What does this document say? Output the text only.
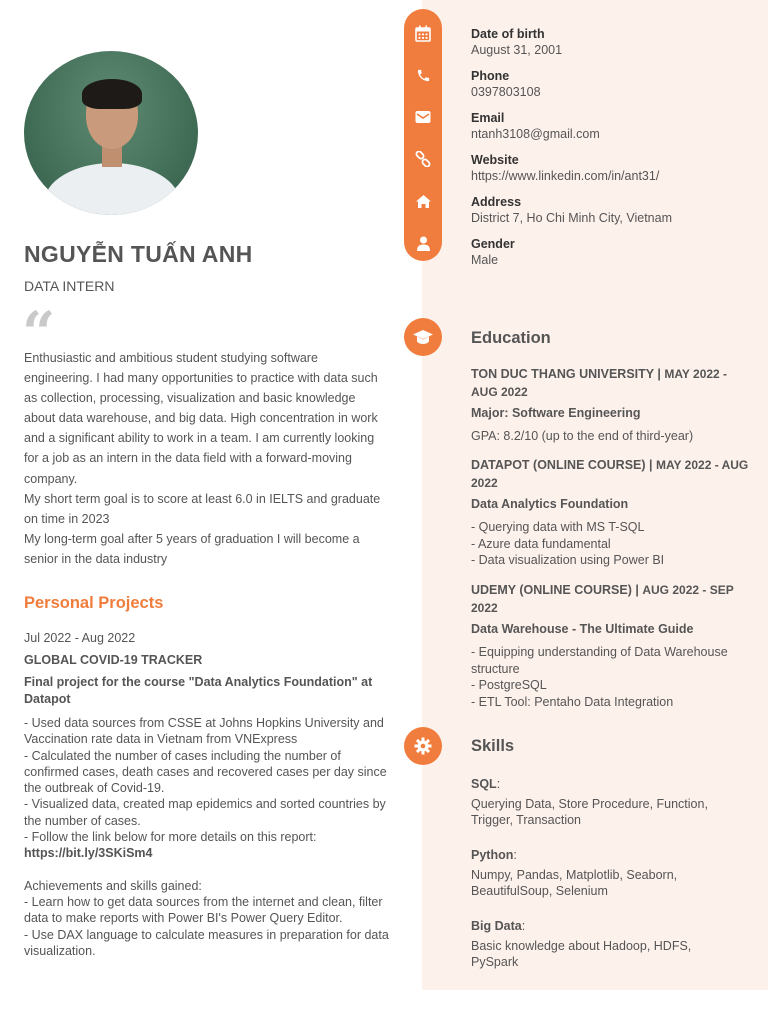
NGUYỄN TUẤN ANH
DATA INTERN
“

Enthusiastic and ambitious student studying software engineering. I had many opportunities to practice with data such as collection, processing, visualization and basic knowledge about data warehouse, and big data. High concentration in work and a significant ability to work in a team. I am currently looking for a job as an intern in the data field with a forward-moving company.

My short term goal is to score at least 6.0 in IELTS and graduate on time in 2023

My long-term goal after 5 years of graduation I will become a senior in the data industry

Personal Projects
Jul 2022 - Aug 2022
GLOBAL COVID-19 TRACKER
Final project for the course "Data Analytics Foundation" at Datapot
- Used data sources from CSSE at Johns Hopkins University and Vaccination rate data in Vietnam from VNExpress
- Calculated the number of cases including the number of confirmed cases, death cases and recovered cases per day since the outbreak of Covid-19.
- Visualized data, created map epidemics and sorted countries by the number of cases.
- Follow the link below for more details on this report: https://bit.ly/3SKiSm4
Achievements and skills gained:
- Learn how to get data sources from the internet and clean, filter data to make reports with Power BI's Power Query Editor.
- Use DAX language to calculate measures in preparation for data visualization.
Date of birth
August 31, 2001
Phone
0397803108
Email
ntanh3108@gmail.com
Website
https://www.linkedin.com/in/ant31/
Address
District 7, Ho Chi Minh City, Vietnam
Gender
Male
Education
TON DUC THANG UNIVERSITY | MAY 2022 - AUG 2022
Major: Software Engineering
GPA: 8.2/10 (up to the end of third-year)
DATAPOT (ONLINE COURSE) | MAY 2022 - AUG 2022
Data Analytics Foundation
- Querying data with MS T-SQL
- Azure data fundamental
- Data visualization using Power BI
UDEMY (ONLINE COURSE) | AUG 2022 - SEP 2022
Data Warehouse - The Ultimate Guide
- Equipping understanding of Data Warehouse structure
- PostgreSQL
- ETL Tool: Pentaho Data Integration
Skills
SQL:
Querying Data, Store Procedure, Function, Trigger, Transaction
Python:
Numpy, Pandas, Matplotlib, Seaborn, BeautifulSoup, Selenium
Big Data:
Basic knowledge about Hadoop, HDFS, PySpark
